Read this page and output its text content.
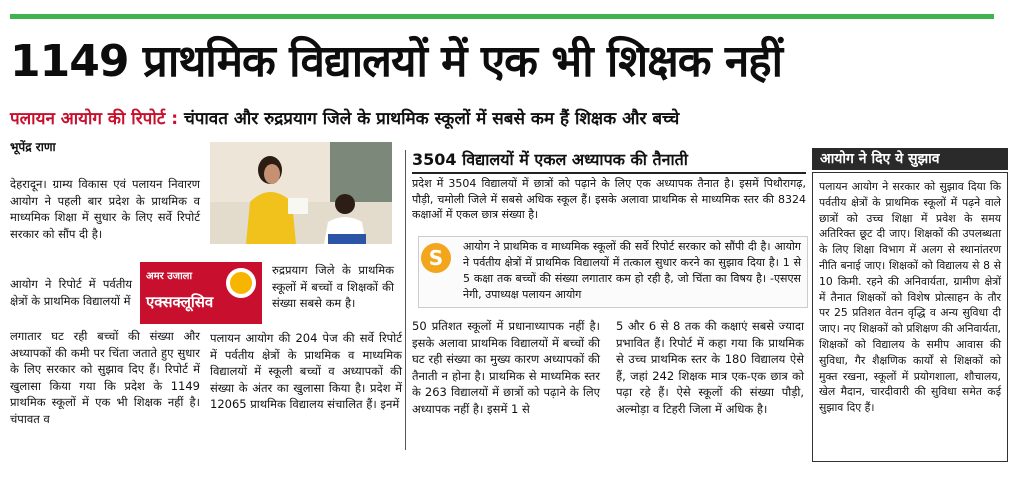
1149 प्राथमिक विद्यालयों में एक भी शिक्षक नहीं
पलायन आयोग की रिपोर्ट : चंपावत और रुद्रप्रयाग जिले के प्राथमिक स्कूलों में सबसे कम हैं शिक्षक और बच्चे
भूपेंद्र राणा
देहरादून। ग्राम्य विकास एवं पलायन निवारण आयोग ने पहली बार प्रदेश के प्राथमिक व माध्यमिक शिक्षा में सुधार के लिए सर्वे रिपोर्ट सरकार को सौंप दी है।
आयोग ने रिपोर्ट में पर्वतीय क्षेत्रों के प्राथमिक विद्यालयों में
लगातार घट रही बच्चों की संख्या और अध्यापकों की कमी पर चिंता जताते हुए सुधार के लिए सरकार को सुझाव दिए हैं। रिपोर्ट में खुलासा किया गया कि प्रदेश के 1149 प्राथमिक स्कूलों में एक भी शिक्षक नहीं है। चंपावत व
अमर उजाला
एक्सक्लूसिव
रुद्रप्रयाग जिले के प्राथमिक स्कूलों में बच्चों व शिक्षकों की संख्या सबसे कम है।
पलायन आयोग की 204 पेज की सर्वे रिपोर्ट में पर्वतीय क्षेत्रों के प्राथमिक व माध्यमिक विद्यालयों में स्कूली बच्चों व अध्यापकों की संख्या के अंतर का खुलासा किया है। प्रदेश में 12065 प्राथमिक विद्यालय संचालित हैं। इनमें
3504 विद्यालयों में एकल अध्यापक की तैनाती
प्रदेश में 3504 विद्यालयों में छात्रों को पढ़ाने के लिए एक अध्यापक तैनात है। इसमें पिथौरागढ़, पौड़ी, चमोली जिले में सबसे अधिक स्कूल हैं। इसके अलावा प्राथमिक से माध्यमिक स्तर की 8324 कक्षाओं में एकल छात्र संख्या है।
S	आयोग ने प्राथमिक व माध्यमिक स्कूलों की सर्वे रिपोर्ट सरकार को सौंपी दी है। आयोग ने पर्वतीय क्षेत्रों में प्राथमिक विद्यालयों में तत्काल सुधार करने का सुझाव दिया है। 1 से 5 कक्षा तक बच्चों की संख्या लगातार कम हो रही है, जो चिंता का विषय है। -एसएस नेगी, उपाध्यक्ष पलायन आयोग
50 प्रतिशत स्कूलों में प्रधानाध्यापक नहीं है। इसके अलावा प्राथमिक विद्यालयों में बच्चों की घट रही संख्या का मुख्य कारण अध्यापकों की तैनाती न होना है। प्राथमिक से माध्यमिक स्तर के 263 विद्यालयों में छात्रों को पढ़ाने के लिए अध्यापक नहीं है। इसमें 1 से
5 और 6 से 8 तक की कक्षाएं सबसे ज्यादा प्रभावित हैं। रिपोर्ट में कहा गया कि प्राथमिक से उच्च प्राथमिक स्तर के 180 विद्यालय ऐसे हैं, जहां 242 शिक्षक मात्र एक-एक छात्र को पढ़ा रहे हैं। ऐसे स्कूलों की संख्या पौड़ी, अल्मोड़ा व टिहरी जिला में अधिक है।
आयोग ने दिए ये सुझाव
पलायन आयोग ने सरकार को सुझाव दिया कि पर्वतीय क्षेत्रों के प्राथमिक स्कूलों में पढ़ने वाले छात्रों को उच्च शिक्षा में प्रवेश के समय अतिरिक्त छूट दी जाए। शिक्षकों की उपलब्धता के लिए शिक्षा विभाग में अलग से स्थानांतरण नीति बनाई जाए। शिक्षकों को विद्यालय से 8 से 10 किमी. रहने की अनिवार्यता, ग्रामीण क्षेत्रों में तैनात शिक्षकों को विशेष प्रोत्साहन के तौर पर 25 प्रतिशत वेतन वृद्धि व अन्य सुविधा दी जाए। नए शिक्षकों को प्रशिक्षण की अनिवार्यता, शिक्षकों को विद्यालय के समीप आवास की सुविधा, गैर शैक्षणिक कार्यों से शिक्षकों को मुक्त रखना, स्कूलों में प्रयोगशाला, शौचालय, खेल मैदान, चारदीवारी की सुविधा समेत कई सुझाव दिए हैं।
